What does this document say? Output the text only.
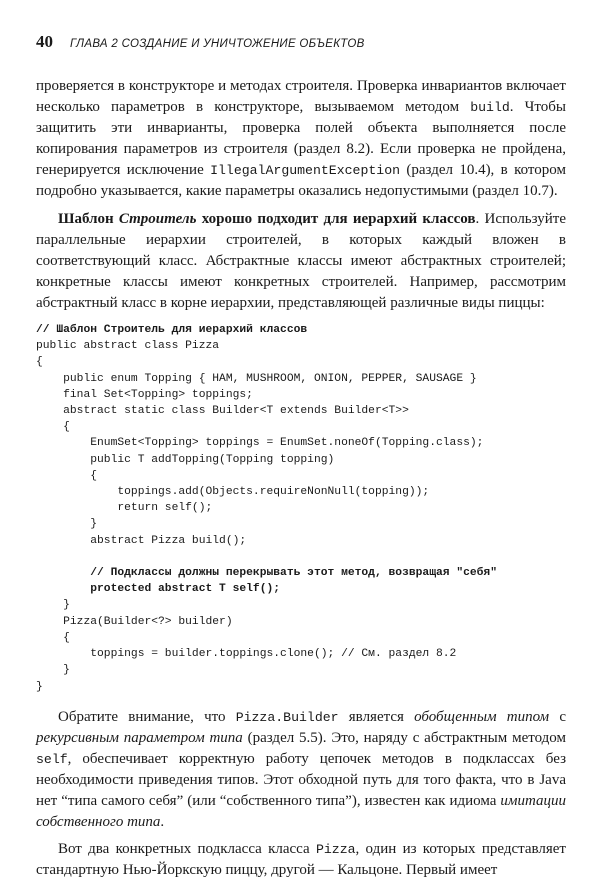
40	ГЛАВА 2 СОЗДАНИЕ И УНИЧТОЖЕНИЕ ОБЪЕКТОВ

проверяется в конструкторе и методах строителя. Проверка инвариантов включает несколько параметров в конструкторе, вызываемом методом build. Чтобы защитить эти инварианты, проверка полей объекта выполняется после копирования параметров из строителя (раздел 8.2). Если проверка не пройдена, генерируется исключение IllegalArgumentException (раздел 10.4), в котором подробно указывается, какие параметры оказались недопустимыми (раздел 10.7).

Шаблон Строитель хорошо подходит для иерархий классов. Используйте параллельные иерархии строителей, в которых каждый вложен в соответствующий класс. Абстрактные классы имеют абстрактных строителей; конкретные классы имеют конкретных строителей. Например, рассмотрим абстрактный класс в корне иерархии, представляющей различные виды пиццы:

// Шаблон Строитель для иерархий классов
public abstract class Pizza
{
public enum Topping { HAM, MUSHROOM, ONION, PEPPER, SAUSAGE }
final Set<Topping> toppings;
abstract static class Builder<T extends Builder<T>>
{
EnumSet<Topping> toppings = EnumSet.noneOf(Topping.class);
public T addTopping(Topping topping)
{
toppings.add(Objects.requireNonNull(topping));
return self();
}
abstract Pizza build();
// Подклассы должны перекрывать этот метод, возвращая "себя"
protected abstract T self();
}
Pizza(Builder<?> builder)
{
toppings = builder.toppings.clone(); // См. раздел 8.2
}
}

Обратите внимание, что Pizza.Builder является обобщенным типом с рекурсивным параметром типа (раздел 5.5). Это, наряду с абстрактным методом self, обеспечивает корректную работу цепочек методов в подклассах без необходимости приведения типов. Этот обходной путь для того факта, что в Java нет “типа самого себя” (или “собственного типа”), известен как идиома имитации собственного типа.

Вот два конкретных подкласса класса Pizza, один из которых представляет стандартную Нью-Йоркскую пиццу, другой — Кальцоне. Первый имеет
